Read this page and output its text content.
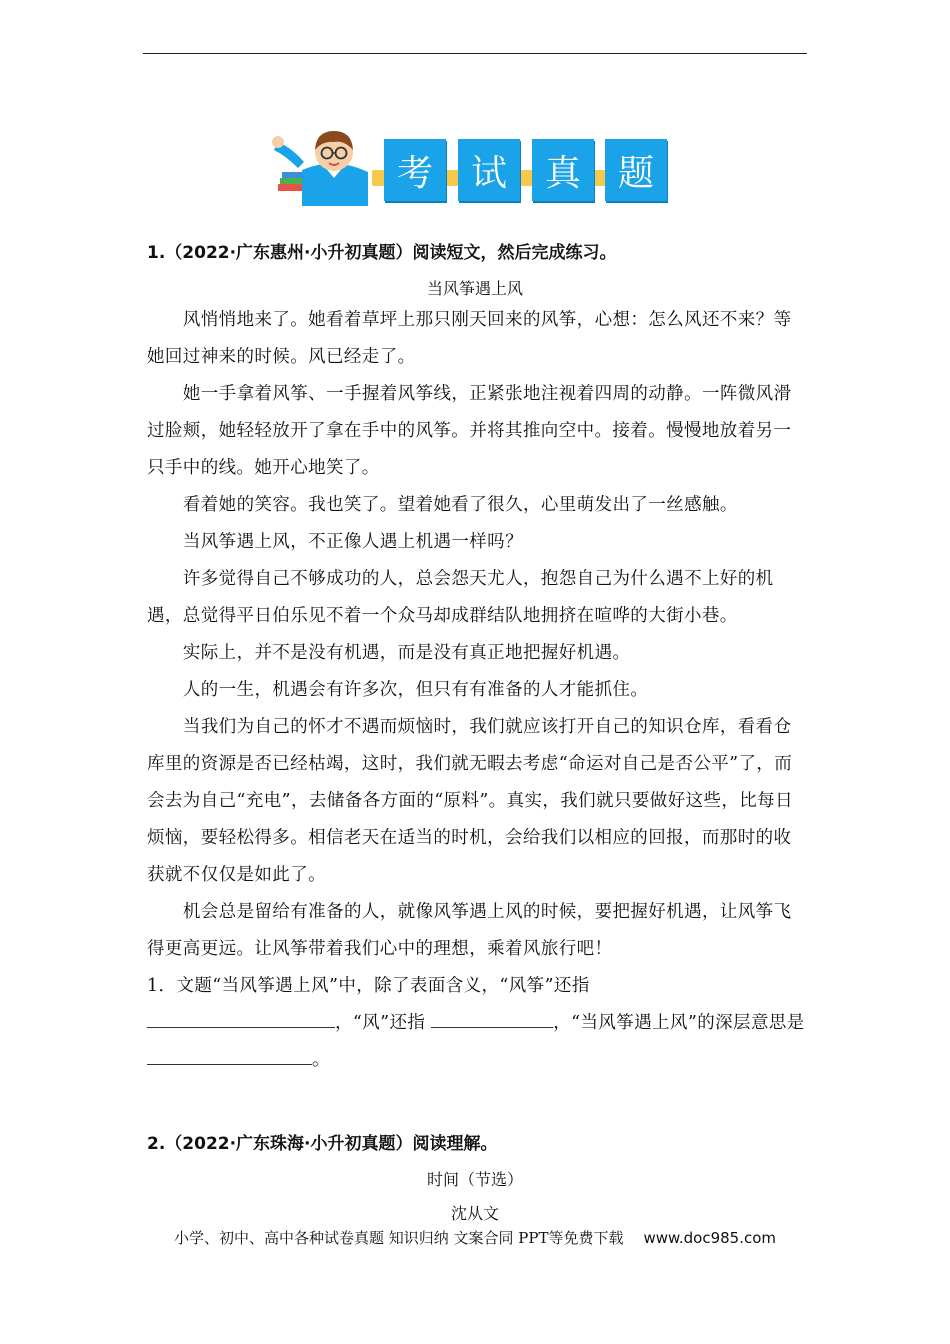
考	试	真	题
1.（2022·广东惠州·小升初真题）阅读短文，然后完成练习。
当风筝遇上风

风悄悄地来了。她看着草坪上那只刚天回来的风筝，心想：怎么风还不来？等她回过神来的时候。风已经走了。

她一手拿着风筝、一手握着风筝线，正紧张地注视着四周的动静。一阵微风滑过脸颊，她轻轻放开了拿在手中的风筝。并将其推向空中。接着。慢慢地放着另一只手中的线。她开心地笑了。

看着她的笑容。我也笑了。望着她看了很久，心里萌发出了一丝感触。

当风筝遇上风，不正像人遇上机遇一样吗？

许多觉得自己不够成功的人，总会怨天尤人，抱怨自己为什么遇不上好的机遇，总觉得平日伯乐见不着一个众马却成群结队地拥挤在喧哗的大街小巷。

实际上，并不是没有机遇，而是没有真正地把握好机遇。

人的一生，机遇会有许多次，但只有有准备的人才能抓住。

当我们为自己的怀才不遇而烦恼时，我们就应该打开自己的知识仓库，看看仓库里的资源是否已经枯竭，这时，我们就无暇去考虑“命运对自己是否公平”了，而会去为自己“充电”，去储备各方面的“原料”。真实，我们就只要做好这些，比每日烦恼，要轻松得多。相信老天在适当的时机，会给我们以相应的回报，而那时的收获就不仅仅是如此了。

机会总是留给有准备的人，就像风筝遇上风的时候，要把握好机遇，让风筝飞得更高更远。让风筝带着我们心中的理想，乘着风旅行吧！

1．文题“当风筝遇上风”中，除了表面含义，“风筝”还指
，“风”还指	，“当风筝遇上风”的深层意思是。

2.（2022·广东珠海·小升初真题）阅读理解。
时间（节选）
沈从文
小学、初中、高中各种试卷真题 知识归纳 文案合同 PPT等免费下载 www.doc985.com
